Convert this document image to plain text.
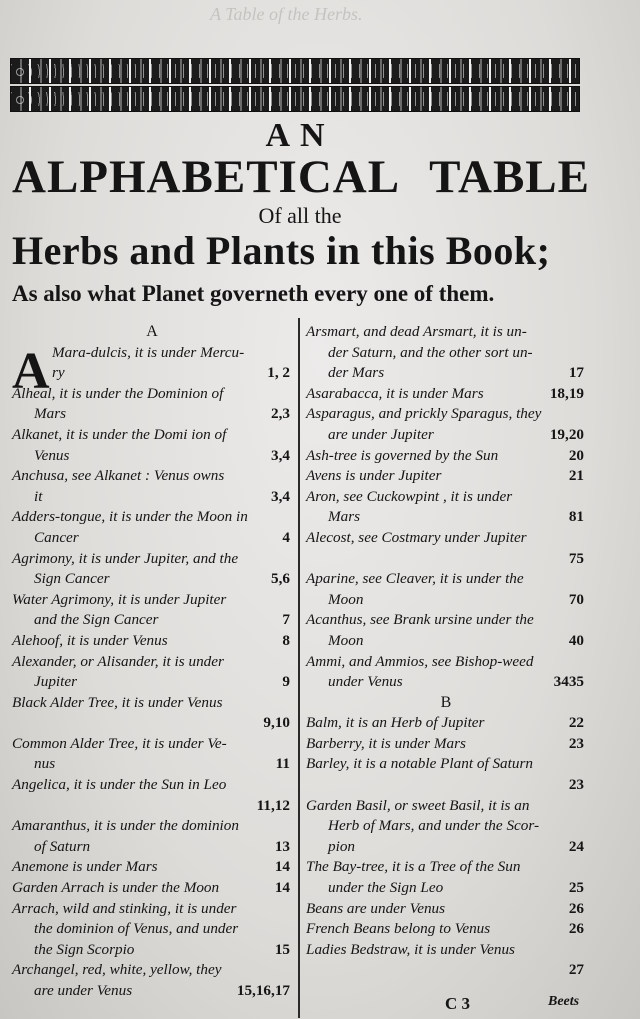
A Table of the Herbs.
AN
ALPHABETICAL TABLE
Of all the
Herbs and Plants in this Book;
As also what Planet governeth every one of them.
A
A
Mara-dulcis, it is under Mercu-
ry	1, 2
Alheal, it is under the Dominion of
Mars	2,3
Alkanet, it is under the Domi ion of
Venus	3,4
Anchusa, see Alkanet : Venus owns
it	3,4
Adders-tongue, it is under the Moon in
Cancer	4
Agrimony, it is under Jupiter, and the
Sign Cancer	5,6
Water Agrimony, it is under Jupiter
and the Sign Cancer	7
Alehoof, it is under Venus	8
Alexander, or Alisander, it is under
Jupiter	9
Black Alder Tree, it is under Venus
9,10
Common Alder Tree, it is under Ve-
nus	11
Angelica, it is under the Sun in Leo
11,12
Amaranthus, it is under the dominion
of Saturn	13
Anemone is under Mars	14
Garden Arrach is under the Moon	14
Arrach, wild and stinking, it is under
the dominion of Venus, and under
the Sign Scorpio	15
Archangel, red, white, yellow, they
are under Venus	15,16,17
Arsmart, and dead Arsmart, it is un-
der Saturn, and the other sort un-
der Mars	17
Asarabacca, it is under Mars	18,19
Asparagus, and prickly Sparagus, they
are under Jupiter	19,20
Ash-tree is governed by the Sun	20
Avens is under Jupiter	21
Aron, see Cuckowpint , it is under
Mars	81
Alecost, see Costmary under Jupiter
75
Aparine, see Cleaver, it is under the
Moon	70
Acanthus, see Brank ursine under the
Moon	40
Ammi, and Ammios, see Bishop-weed
under Venus	3435
B
Balm, it is an Herb of Jupiter	22
Barberry, it is under Mars	23
Barley, it is a notable Plant of Saturn
23
Garden Basil, or sweet Basil, it is an
Herb of Mars, and under the Scor-
pion	24
The Bay-tree, it is a Tree of the Sun
under the Sign Leo	25
Beans are under Venus	26
French Beans belong to Venus	26
Ladies Bedstraw, it is under Venus
27
C 3	Beets
